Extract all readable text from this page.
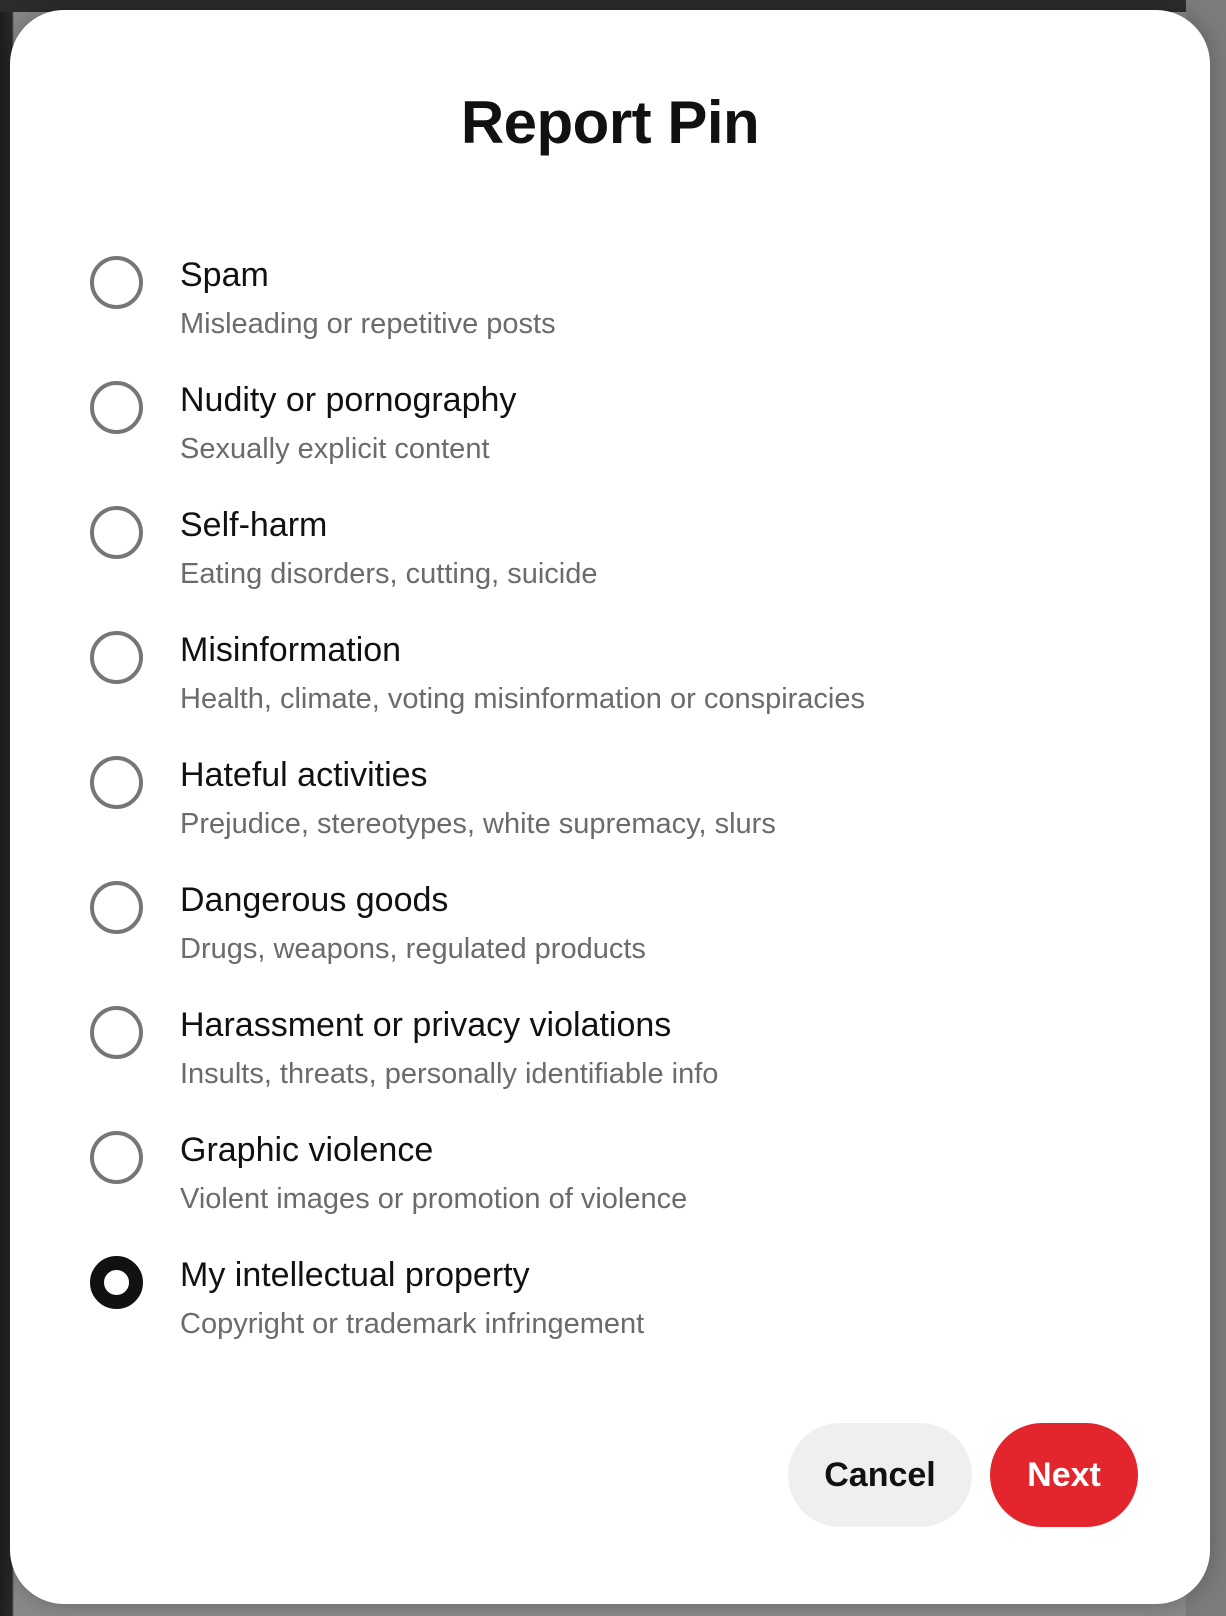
Report Pin
Spam
Misleading or repetitive posts
Nudity or pornography
Sexually explicit content
Self-harm
Eating disorders, cutting, suicide
Misinformation
Health, climate, voting misinformation or conspiracies
Hateful activities
Prejudice, stereotypes, white supremacy, slurs
Dangerous goods
Drugs, weapons, regulated products
Harassment or privacy violations
Insults, threats, personally identifiable info
Graphic violence
Violent images or promotion of violence
My intellectual property
Copyright or trademark infringement
Cancel	Next
